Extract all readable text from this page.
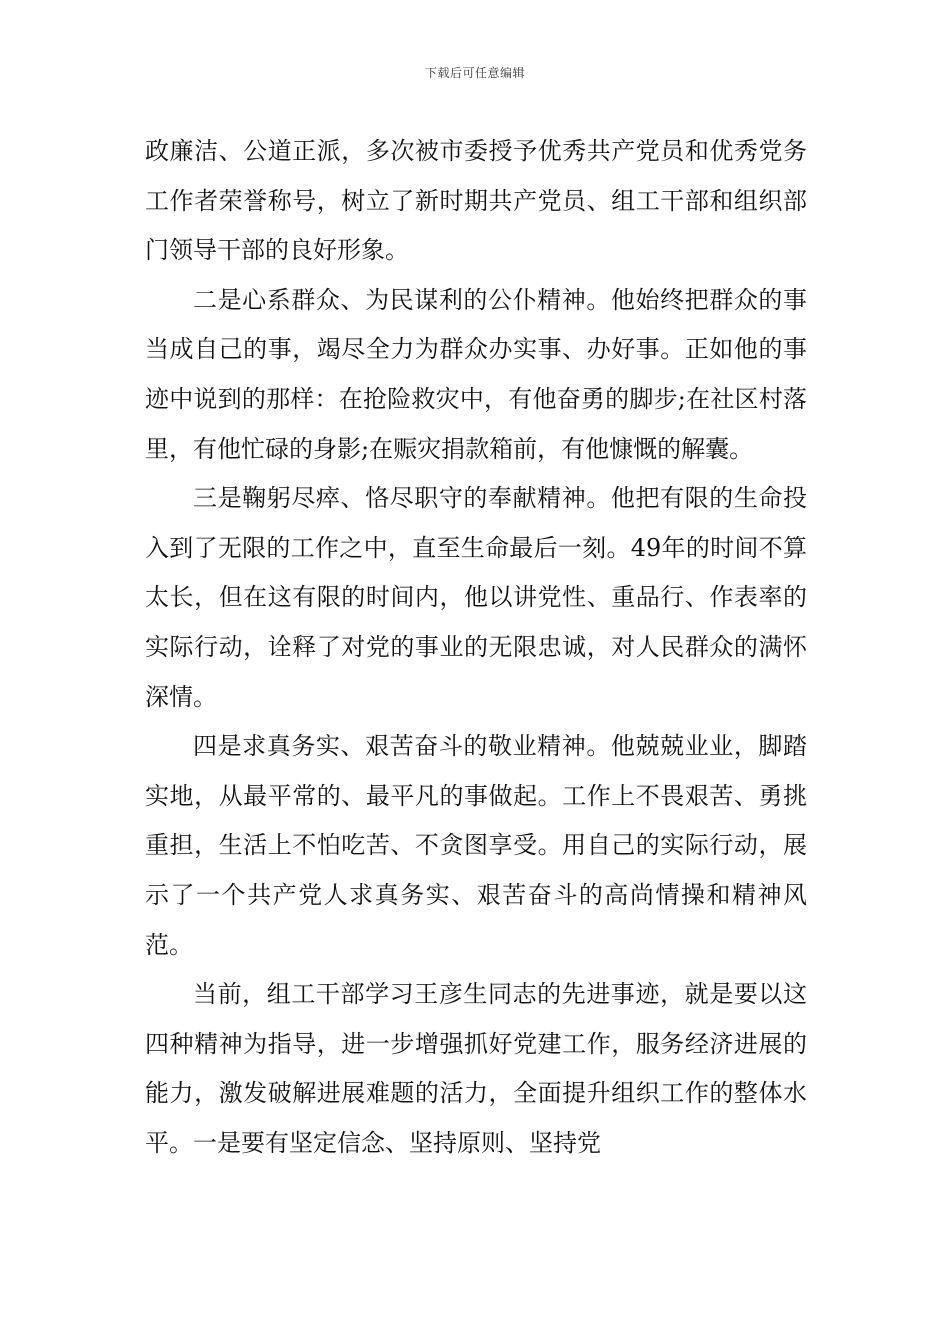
下载后可任意编辑

政廉洁、公道正派，多次被市委授予优秀共产党员和优秀党务工作者荣誉称号，树立了新时期共产党员、组工干部和组织部门领导干部的良好形象。

二是心系群众、为民谋利的公仆精神。他始终把群众的事当成自己的事，竭尽全力为群众办实事、办好事。正如他的事迹中说到的那样：在抢险救灾中，有他奋勇的脚步;在社区村落里，有他忙碌的身影;在赈灾捐款箱前，有他慷慨的解囊。

三是鞠躬尽瘁、恪尽职守的奉献精神。他把有限的生命投入到了无限的工作之中，直至生命最后一刻。49年的时间不算太长，但在这有限的时间内，他以讲党性、重品行、作表率的实际行动，诠释了对党的事业的无限忠诚，对人民群众的满怀深情。

四是求真务实、艰苦奋斗的敬业精神。他兢兢业业，脚踏实地，从最平常的、最平凡的事做起。工作上不畏艰苦、勇挑重担，生活上不怕吃苦、不贪图享受。用自己的实际行动，展示了一个共产党人求真务实、艰苦奋斗的高尚情操和精神风范。

当前，组工干部学习王彦生同志的先进事迹，就是要以这四种精神为指导，进一步增强抓好党建工作，服务经济进展的能力，激发破解进展难题的活力，全面提升组织工作的整体水平。一是要有坚定信念、坚持原则、坚持党
